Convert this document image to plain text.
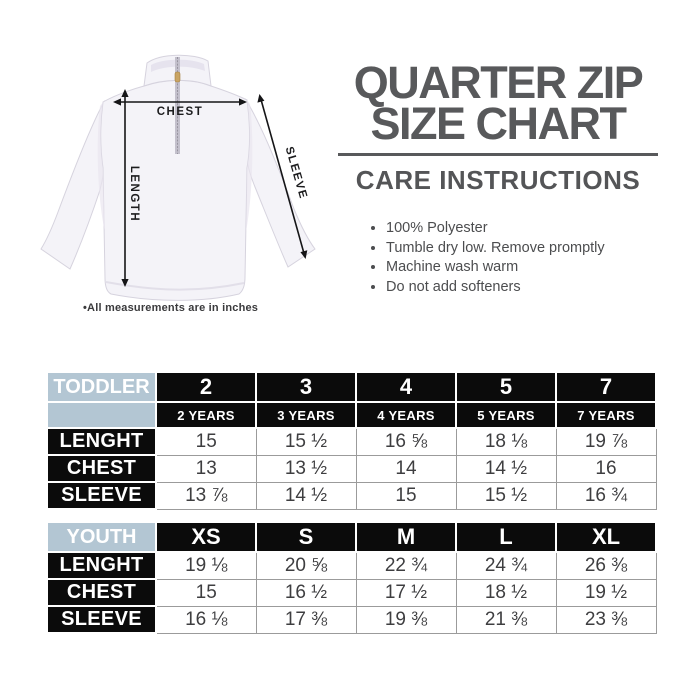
CHEST
LENGTH	SLEEVE
•All measurements are in inches
QUARTER ZIP
SIZE CHART
CARE INSTRUCTIONS
• 100% Polyester
• Tumble dry low. Remove promptly
• Machine wash warm
• Do not add softeners
TODDLER	2	3	4	5	7
	2 YEARS	3 YEARS	4 YEARS	5 YEARS	7 YEARS
LENGHT	15	15 ½	16 ⅝	18 ⅛	19 ⅞
CHEST	13	13 ½	14	14 ½	16
SLEEVE	13 ⅞	14 ½	15	15 ½	16 ¾
YOUTH	XS	S	M	L	XL
LENGHT	19 ⅛	20 ⅝	22 ¾	24 ¾	26 ⅜
CHEST	15	16 ½	17 ½	18 ½	19 ½
SLEEVE	16 ⅛	17 ⅜	19 ⅜	21 ⅜	23 ⅜
